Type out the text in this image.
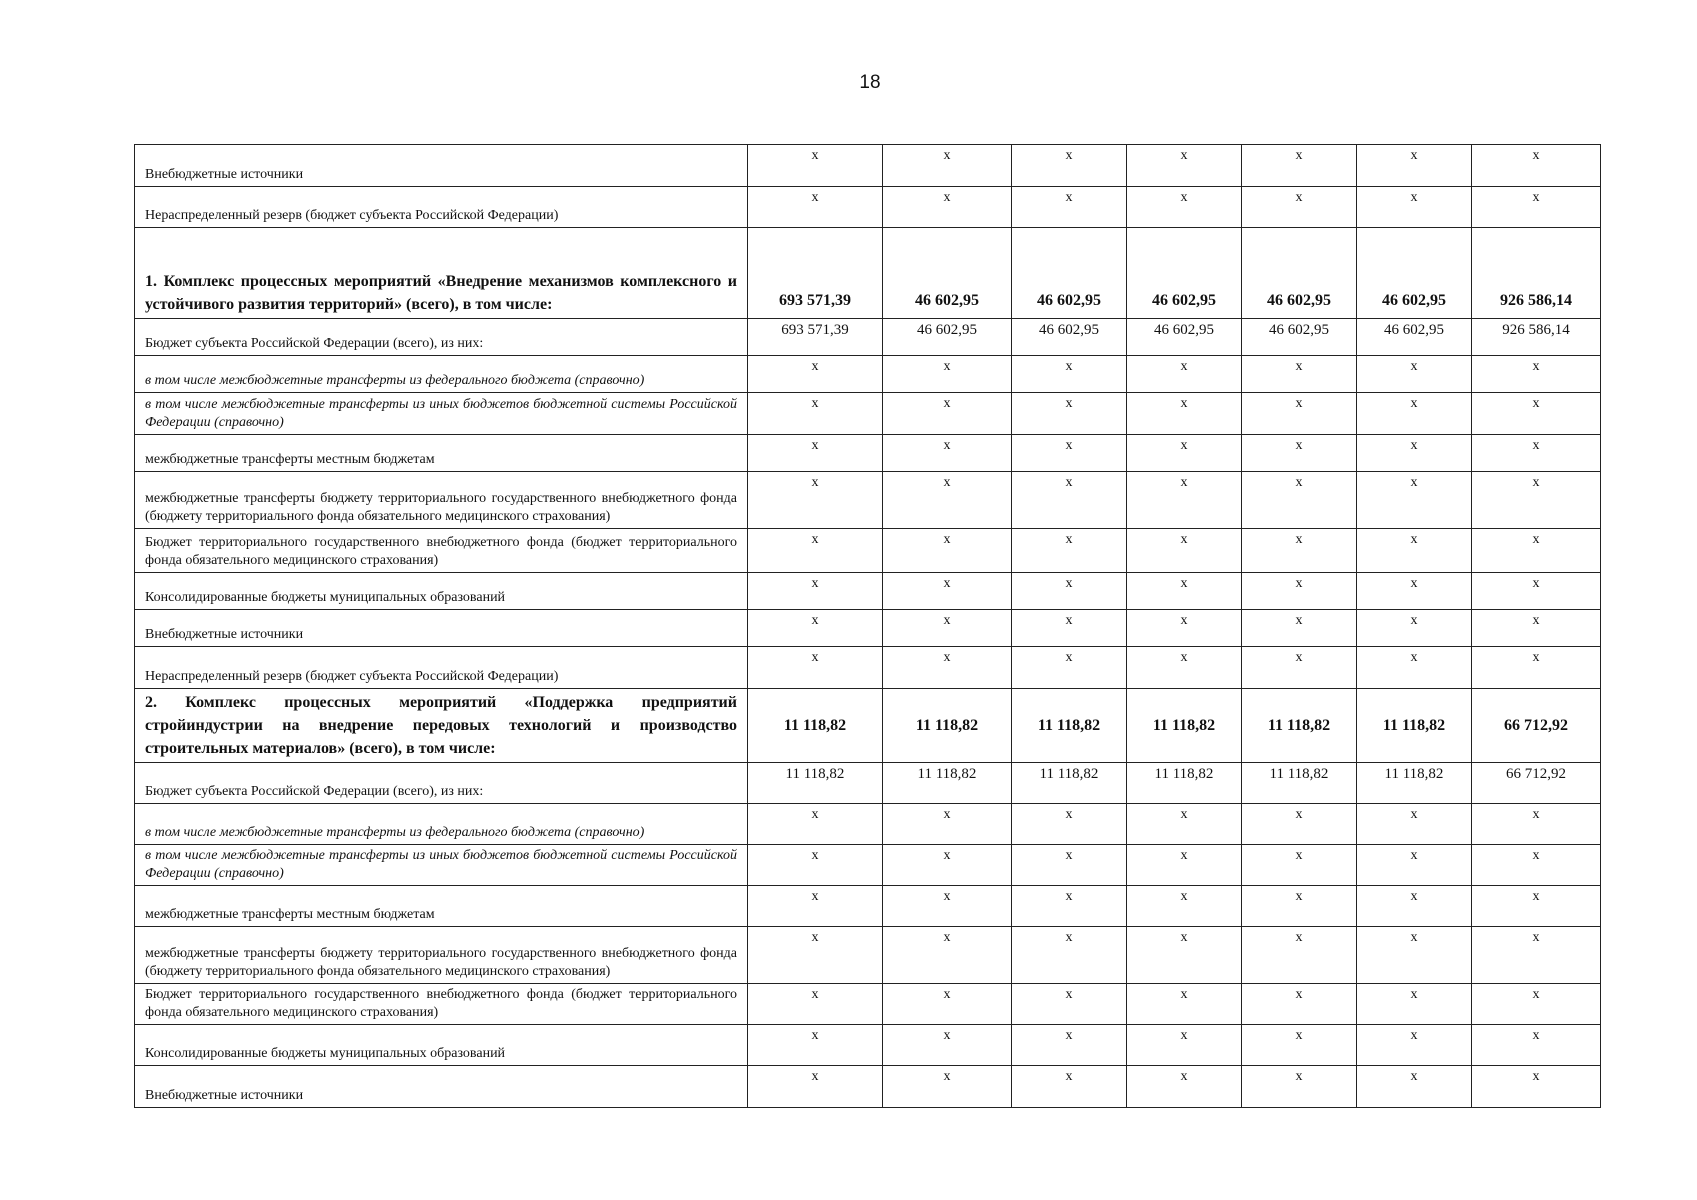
18
Внебюджетные источники	x	x	x	x	x	x	x
Нераспределенный резерв (бюджет субъекта Российской Федерации)	x	x	x	x	x	x	x
1. Комплекс процессных мероприятий «Внедрение механизмов комплексного и устойчивого развития территорий» (всего), в том числе:	693 571,39	46 602,95	46 602,95	46 602,95	46 602,95	46 602,95	926 586,14
Бюджет субъекта Российской Федерации (всего), из них:	693 571,39	46 602,95	46 602,95	46 602,95	46 602,95	46 602,95	926 586,14
в том числе межбюджетные трансферты из федерального бюджета (справочно)	x	x	x	x	x	x	x
в том числе межбюджетные трансферты из иных бюджетов бюджетной системы Российской Федерации (справочно)	x	x	x	x	x	x	x
межбюджетные трансферты местным бюджетам	x	x	x	x	x	x	x
межбюджетные трансферты бюджету территориального государственного внебюджетного фонда (бюджету территориального фонда обязательного медицинского страхования)	x	x	x	x	x	x	x
Бюджет территориального государственного внебюджетного фонда (бюджет территориального фонда обязательного медицинского страхования)	x	x	x	x	x	x	x
Консолидированные бюджеты муниципальных образований	x	x	x	x	x	x	x
Внебюджетные источники	x	x	x	x	x	x	x
Нераспределенный резерв (бюджет субъекта Российской Федерации)	x	x	x	x	x	x	x
2. Комплекс процессных мероприятий «Поддержка предприятий стройиндустрии на внедрение передовых технологий и производство строительных материалов» (всего), в том числе:	11 118,82	11 118,82	11 118,82	11 118,82	11 118,82	11 118,82	66 712,92
Бюджет субъекта Российской Федерации (всего), из них:	11 118,82	11 118,82	11 118,82	11 118,82	11 118,82	11 118,82	66 712,92
в том числе межбюджетные трансферты из федерального бюджета (справочно)	x	x	x	x	x	x	x
в том числе межбюджетные трансферты из иных бюджетов бюджетной системы Российской Федерации (справочно)	x	x	x	x	x	x	x
межбюджетные трансферты местным бюджетам	x	x	x	x	x	x	x
межбюджетные трансферты бюджету территориального государственного внебюджетного фонда (бюджету территориального фонда обязательного медицинского страхования)	x	x	x	x	x	x	x
Бюджет территориального государственного внебюджетного фонда (бюджет территориального фонда обязательного медицинского страхования)	x	x	x	x	x	x	x
Консолидированные бюджеты муниципальных образований	x	x	x	x	x	x	x
Внебюджетные источники	x	x	x	x	x	x	x
